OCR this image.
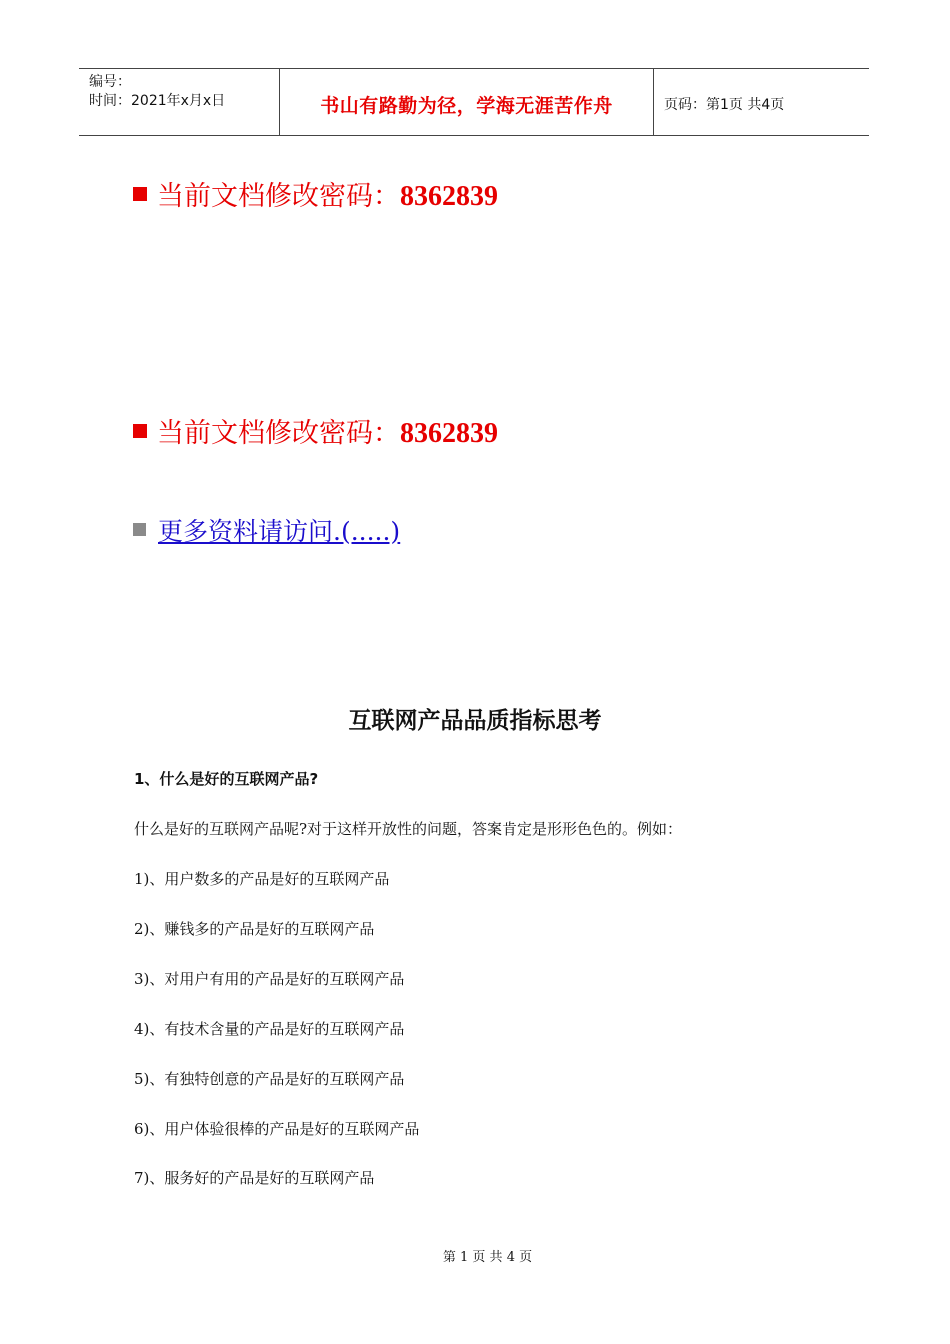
编号：
时间：2021年x月x日	书山有路勤为径，学海无涯苦作舟	页码：第1页 共4页
当前文档修改密码：8362839
当前文档修改密码：8362839
更多资料请访问.(.....)
互联网产品品质指标思考
1、什么是好的互联网产品?
什么是好的互联网产品呢?对于这样开放性的问题，答案肯定是形形色色的。例如：
1)、用户数多的产品是好的互联网产品
2)、赚钱多的产品是好的互联网产品
3)、对用户有用的产品是好的互联网产品
4)、有技术含量的产品是好的互联网产品
5)、有独特创意的产品是好的互联网产品
6)、用户体验很棒的产品是好的互联网产品
7)、服务好的产品是好的互联网产品
第 1 页 共 4 页
